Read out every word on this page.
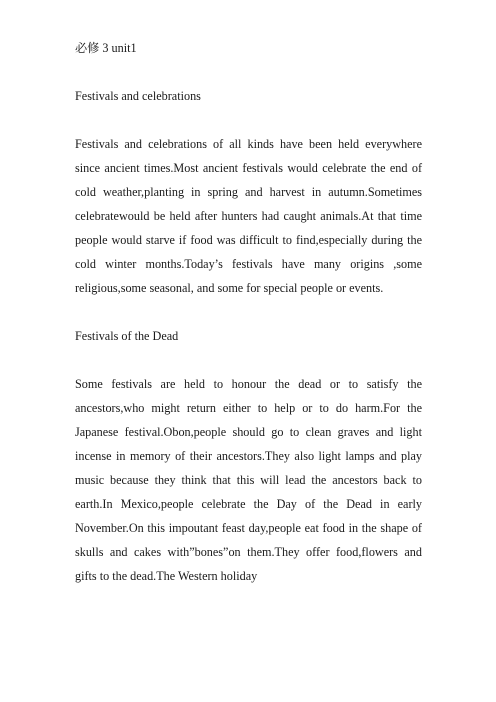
必修 3 unit1

Festivals and celebrations

Festivals and celebrations of all kinds have been held everywhere since ancient times.Most ancient festivals would celebrate the end of cold weather,planting in spring and harvest in autumn.Sometimes celebratewould be held after hunters had caught animals.At that time people would starve if food was difficult to find,especially during the cold winter months.Today’s festivals have many origins ,some religious,some seasonal, and some for special people or events.

Festivals of the Dead

Some festivals are held to honour the dead or to satisfy the ancestors,who might return either to help or to do harm.For the Japanese festival.Obon,people should go to clean graves and light incense in memory of their ancestors.They also light lamps and play music because they think that this will lead the ancestors back to earth.In Mexico,people celebrate the Day of the Dead in early November.On this impoutant feast day,people eat food in the shape of skulls and cakes with”bones”on them.They offer food,flowers and gifts to the dead.The Western holiday
